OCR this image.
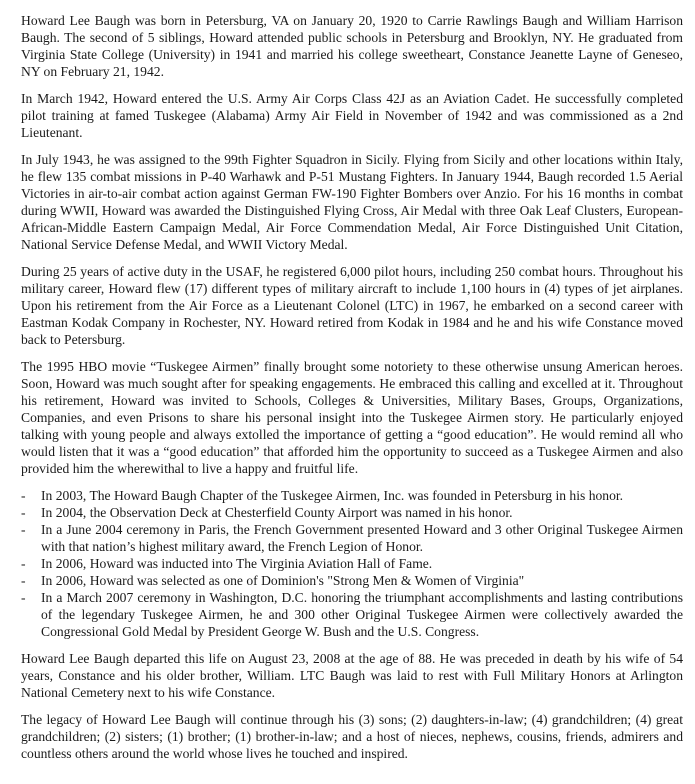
Howard Lee Baugh was born in Petersburg, VA on January 20, 1920 to Carrie Rawlings Baugh and William Harrison Baugh. The second of 5 siblings, Howard attended public schools in Petersburg and Brooklyn, NY. He graduated from Virginia State College (University) in 1941 and married his college sweetheart, Constance Jeanette Layne of Geneseo, NY on February 21, 1942.

In March 1942, Howard entered the U.S. Army Air Corps Class 42J as an Aviation Cadet. He successfully completed pilot training at famed Tuskegee (Alabama) Army Air Field in November of 1942 and was commissioned as a 2nd Lieutenant.

In July 1943, he was assigned to the 99th Fighter Squadron in Sicily. Flying from Sicily and other locations within Italy, he flew 135 combat missions in P-40 Warhawk and P-51 Mustang Fighters. In January 1944, Baugh recorded 1.5 Aerial Victories in air-to-air combat action against German FW-190 Fighter Bombers over Anzio. For his 16 months in combat during WWII, Howard was awarded the Distinguished Flying Cross, Air Medal with three Oak Leaf Clusters, European-African-Middle Eastern Campaign Medal, Air Force Commendation Medal, Air Force Distinguished Unit Citation, National Service Defense Medal, and WWII Victory Medal.

During 25 years of active duty in the USAF, he registered 6,000 pilot hours, including 250 combat hours. Throughout his military career, Howard flew (17) different types of military aircraft to include 1,100 hours in (4) types of jet airplanes. Upon his retirement from the Air Force as a Lieutenant Colonel (LTC) in 1967, he embarked on a second career with Eastman Kodak Company in Rochester, NY. Howard retired from Kodak in 1984 and he and his wife Constance moved back to Petersburg.

The 1995 HBO movie “Tuskegee Airmen” finally brought some notoriety to these otherwise unsung American heroes. Soon, Howard was much sought after for speaking engagements. He embraced this calling and excelled at it. Throughout his retirement, Howard was invited to Schools, Colleges & Universities, Military Bases, Groups, Organizations, Companies, and even Prisons to share his personal insight into the Tuskegee Airmen story. He particularly enjoyed talking with young people and always extolled the importance of getting a “good education”. He would remind all who would listen that it was a “good education” that afforded him the opportunity to succeed as a Tuskegee Airmen and also provided him the wherewithal to live a happy and fruitful life.

- In 2003, The Howard Baugh Chapter of the Tuskegee Airmen, Inc. was founded in Petersburg in his honor.
- In 2004, the Observation Deck at Chesterfield County Airport was named in his honor.
- In a June 2004 ceremony in Paris, the French Government presented Howard and 3 other Original Tuskegee Airmen with that nation’s highest military award, the French Legion of Honor.
- In 2006, Howard was inducted into The Virginia Aviation Hall of Fame.
- In 2006, Howard was selected as one of Dominion's "Strong Men & Women of Virginia"
- In a March 2007 ceremony in Washington, D.C. honoring the triumphant accomplishments and lasting contributions of the legendary Tuskegee Airmen, he and 300 other Original Tuskegee Airmen were collectively awarded the Congressional Gold Medal by President George W. Bush and the U.S. Congress.

Howard Lee Baugh departed this life on August 23, 2008 at the age of 88. He was preceded in death by his wife of 54 years, Constance and his older brother, William. LTC Baugh was laid to rest with Full Military Honors at Arlington National Cemetery next to his wife Constance.

The legacy of Howard Lee Baugh will continue through his (3) sons; (2) daughters-in-law; (4) grandchildren; (4) great grandchildren; (2) sisters; (1) brother; (1) brother-in-law; and a host of nieces, nephews, cousins, friends, admirers and countless others around the world whose lives he touched and inspired.
